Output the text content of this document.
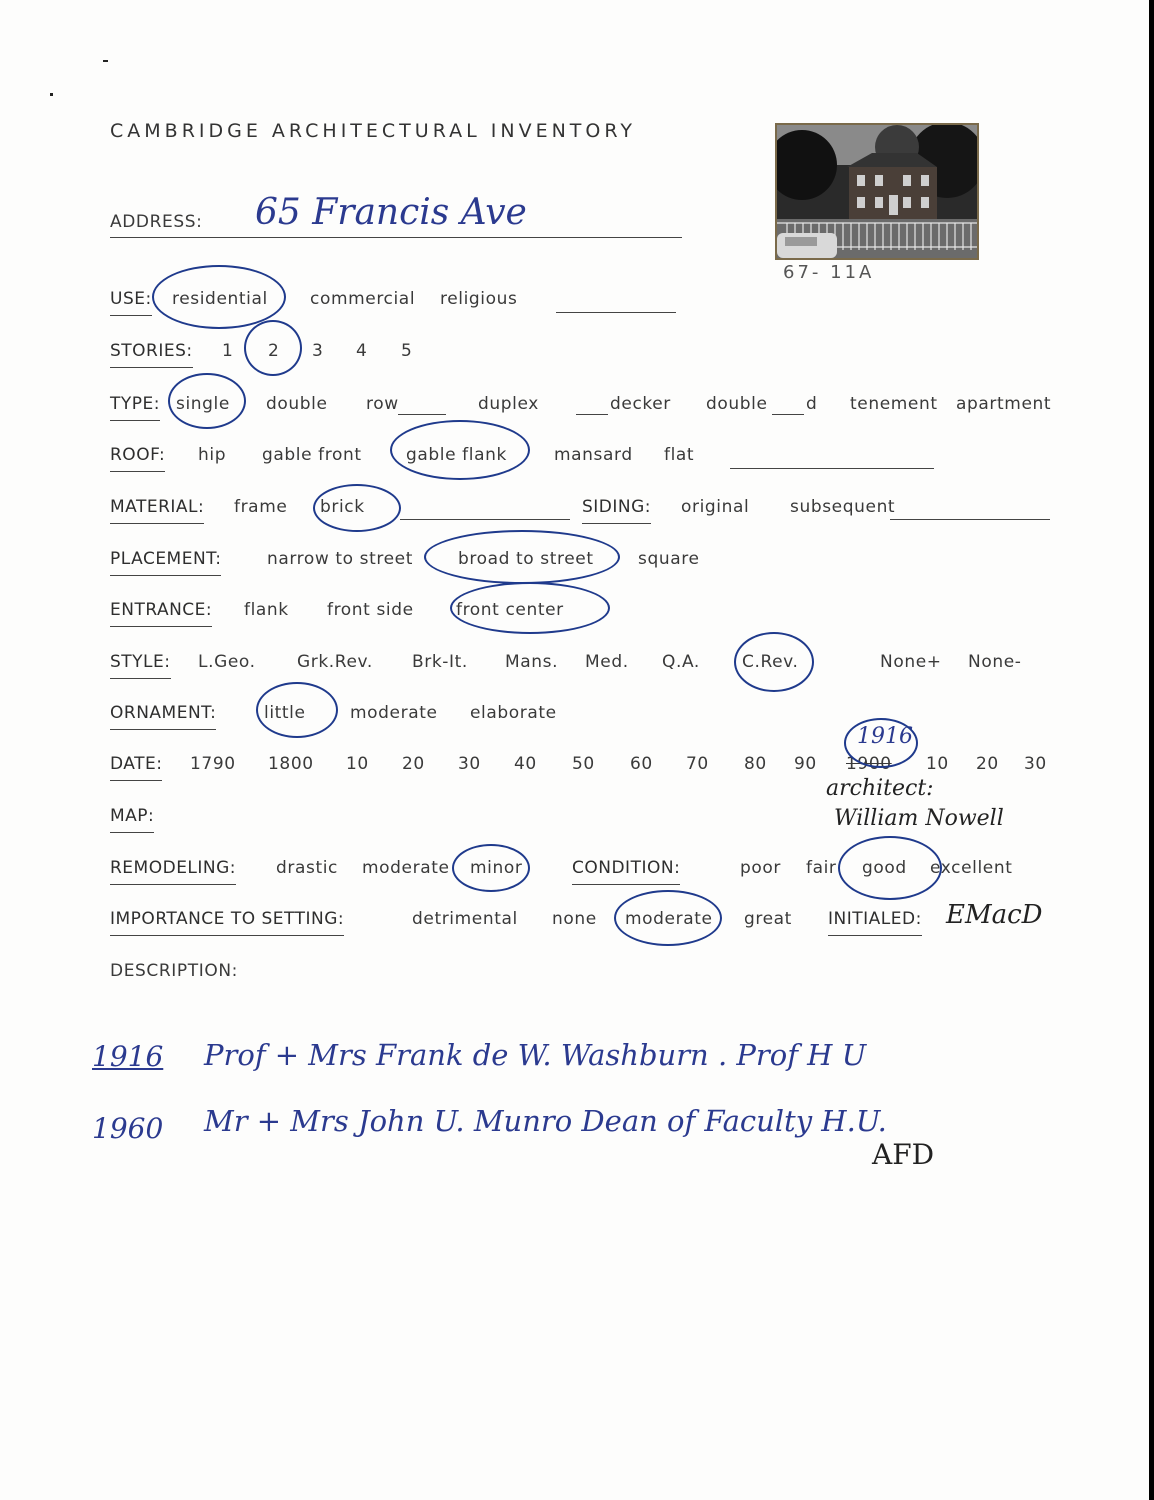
CAMBRIDGE ARCHITECTURAL INVENTORY
67- 11A
ADDRESS: 65 Francis Ave
USE: residential commercial religious
STORIES: 1 2 3 4 5
TYPE: single double row	duplex	decker double d tenement apartment
ROOF: hip gable front	gable flank	mansard flat
MATERIAL: frame brick	SIDING: original subsequent
PLACEMENT:	narrow to street	broad to street	square
ENTRANCE: flank front side front center
STYLE: L.Geo. Grk.Rev. Brk-It. Mans. Med. Q.A. C.Rev.	None+ None-
ORNAMENT:	little	moderate elaborate
DATE: 1790 1800 10 20 30 40 50 60 70 80 90 1900 10 20 30
1916
architect:
William Nowell
MAP:
REMODELING: drastic moderate minor	CONDITION:	poor fair good excellent
IMPORTANCE TO SETTING:	detrimental none moderate great INITIALED: EMacD
DESCRIPTION:
1916 Prof + Mrs Frank de W. Washburn . Prof H U
1960 Mr + Mrs John U. Munro Dean of Faculty H.U.
AFD
